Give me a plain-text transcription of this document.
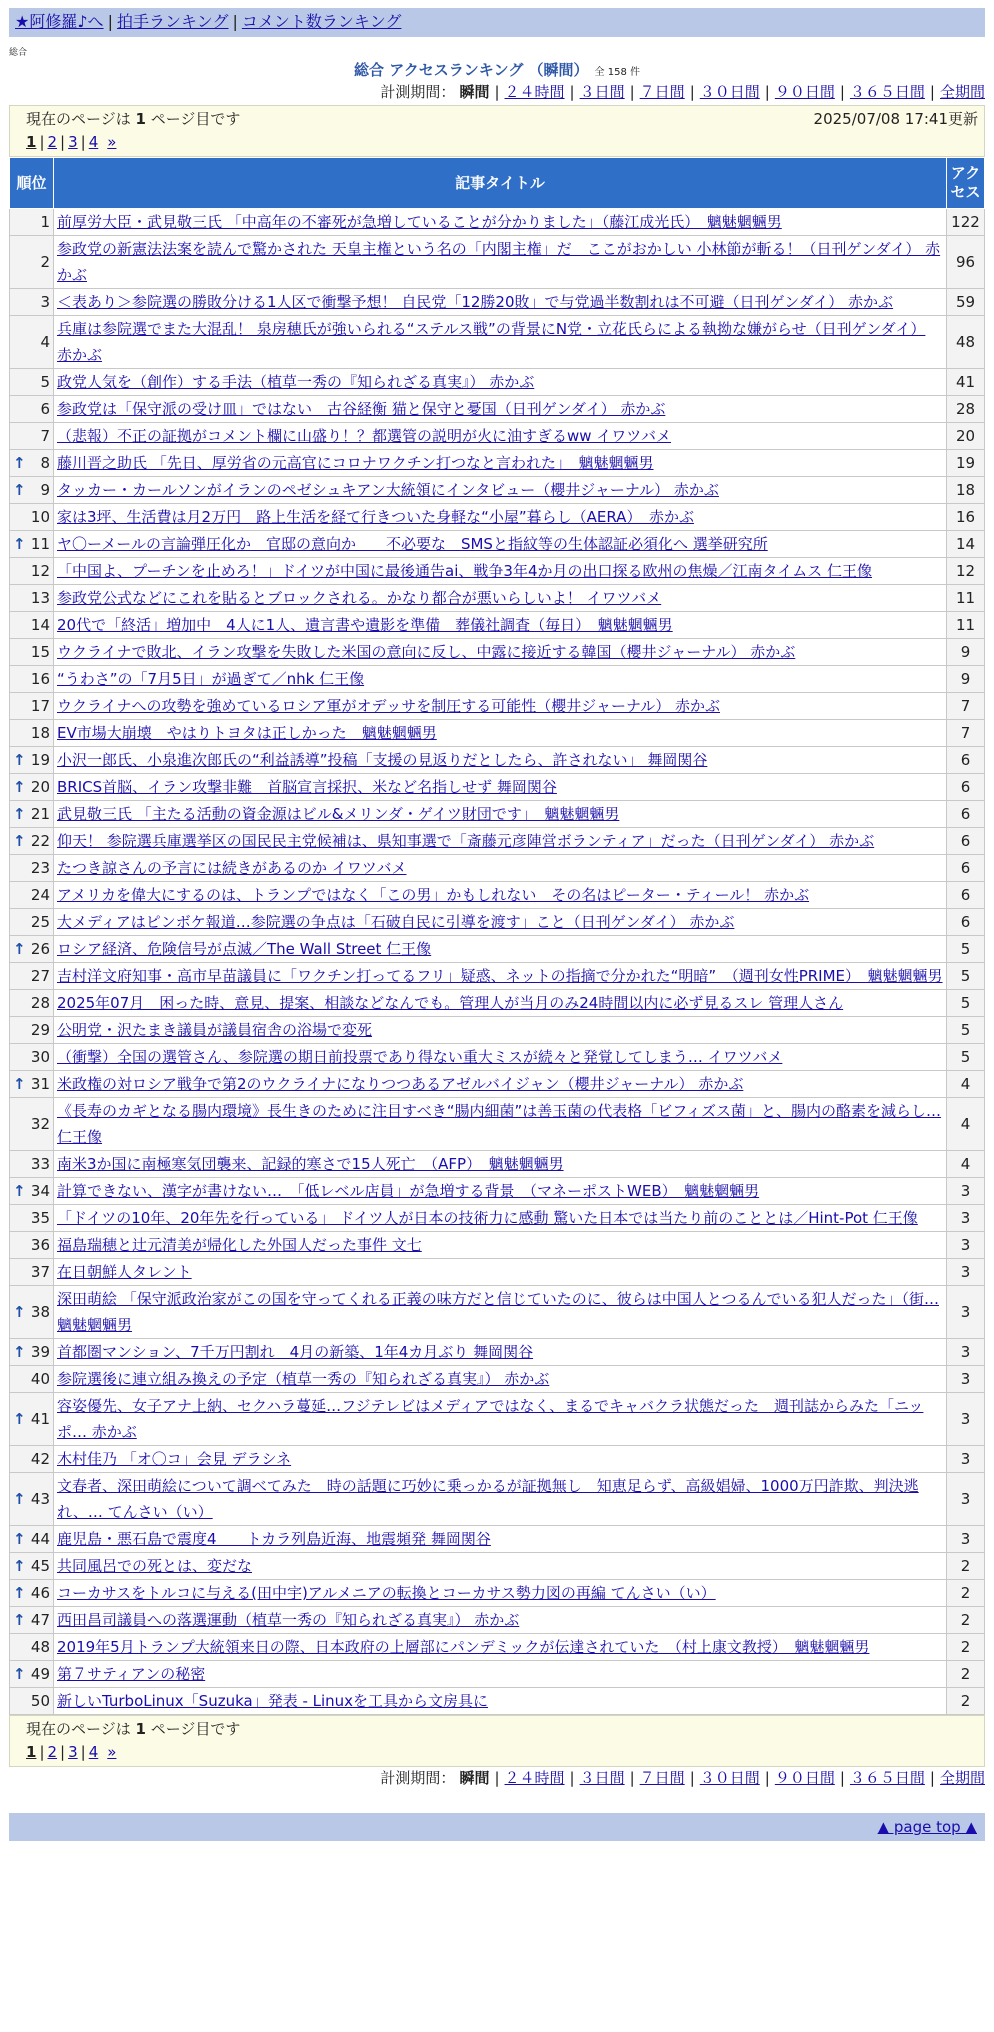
★阿修羅♪へ | 拍手ランキング | コメント数ランキング
総合
総合 アクセスランキング （瞬間） 全 158 件
計測期間： 瞬間 | ２４時間 | ３日間 | ７日間 | ３０日間 | ９０日間 | ３６５日間 | 全期間
現在のページは 1 ページ目です	2025/07/08 17:41更新
1 | 2 | 3 | 4 »
順位	記事タイトル	アクセス
1	前厚労大臣・武見敬三氏 「中高年の不審死が急増していることが分かりました」（藤江成光氏）　魑魅魍魎男	122
2	参政党の新憲法法案を読んで驚かされた 天皇主権という名の「内閣主権」だ　ここがおかしい 小林節が斬る！（日刊ゲンダイ） 赤かぶ	96
3	＜表あり＞参院選の勝敗分ける1人区で衝撃予想！ 自民党「12勝20敗」で与党過半数割れは不可避（日刊ゲンダイ） 赤かぶ	59
4	兵庫は参院選でまた大混乱！ 泉房穂氏が強いられる“ステルス戦”の背景にN党・立花氏らによる執拗な嫌がらせ（日刊ゲンダイ） 赤かぶ	48
5	政党人気を（創作）する手法（植草一秀の『知られざる真実』） 赤かぶ	41
6	参政党は「保守派の受け皿」ではない　古谷経衡 猫と保守と憂国（日刊ゲンダイ） 赤かぶ	28
7	（悲報）不正の証拠がコメント欄に山盛り！？都選管の説明が火に油すぎるww イワツバメ	20

↑ 8	藤川晋之助氏 「先日、厚労省の元高官にコロナワクチン打つなと言われた」　魑魅魍魎男	19

↑ 9	タッカー・カールソンがイランのペゼシュキアン大統領にインタビュー（櫻井ジャーナル） 赤かぶ	18
10	家は3坪、生活費は月2万円　路上生活を経て行きついた身軽な“小屋”暮らし（AERA）　赤かぶ	16

↑ 11	ヤ〇ーメールの言論弾圧化か　官邸の意向か　　不必要な　SMSと指紋等の生体認証必須化へ 選挙研究所	14
12	「中国よ、プーチンを止めろ！」ドイツが中国に最後通告ai、戦争3年4か月の出口探る欧州の焦燥／江南タイムス 仁王像	12
13	参政党公式などにこれを貼るとブロックされる。かなり都合が悪いらしいよ！ イワツバメ	11
14	20代で「終活」増加中　4人に1人、遺言書や遺影を準備　葬儀社調査（毎日）　魑魅魍魎男	11
15	ウクライナで敗北、イラン攻撃を失敗した米国の意向に反し、中露に接近する韓国（櫻井ジャーナル） 赤かぶ	9
16	“うわさ”の「7月5日」が過ぎて／nhk 仁王像	9
17	ウクライナへの攻勢を強めているロシア軍がオデッサを制圧する可能性（櫻井ジャーナル） 赤かぶ	7
18	EV市場大崩壊　やはりトヨタは正しかった　魑魅魍魎男	7

↑ 19	小沢一郎氏、小泉進次郎氏の“利益誘導”投稿「支援の見返りだとしたら、許されない」 舞岡関谷	6

↑ 20	BRICS首脳、イラン攻撃非難　首脳宣言採択、米など名指しせず 舞岡関谷	6

↑ 21	武見敬三氏 「主たる活動の資金源はビル&メリンダ・ゲイツ財団です」　魑魅魍魎男	6

↑ 22	仰天！ 参院選兵庫選挙区の国民民主党候補は、県知事選で「斎藤元彦陣営ボランティア」だった（日刊ゲンダイ） 赤かぶ	6
23	たつき諒さんの予言には続きがあるのか イワツバメ	6
24	アメリカを偉大にするのは、トランプではなく「この男」かもしれない　その名はピーター・ティール！ 赤かぶ	6
25	大メディアはピンボケ報道…参院選の争点は「石破自民に引導を渡す」こと（日刊ゲンダイ） 赤かぶ	6

↑ 26	ロシア経済、危険信号が点滅／The Wall Street 仁王像	5
27	吉村洋文府知事・高市早苗議員に「ワクチン打ってるフリ」疑惑、ネットの指摘で分かれた“明暗”　（週刊女性PRIME）　魑魅魍魎男	5
28	2025年07月　困った時、意見、提案、相談などなんでも。管理人が当月のみ24時間以内に必ず見るスレ 管理人さん	5
29	公明党・沢たまき議員が議員宿舎の浴場で変死	5
30	（衝撃）全国の選管さん、参院選の期日前投票であり得ない重大ミスが続々と発覚してしまう… イワツバメ	5

↑ 31	米政権の対ロシア戦争で第2のウクライナになりつつあるアゼルバイジャン（櫻井ジャーナル） 赤かぶ	4
32	《長寿のカギとなる腸内環境》長生きのために注目すべき“腸内細菌”は善玉菌の代表格「ビフィズス菌」と、腸内の酪素を減らし… 仁王像	4
33	南米3か国に南極寒気団襲来、記録的寒さで15人死亡　（AFP）　魑魅魍魎男	4

↑ 34	計算できない、漢字が書けない…　「低レベル店員」が急増する背景　（マネーポストWEB）　魑魅魍魎男	3
35	「ドイツの10年、20年先を行っている」 ドイツ人が日本の技術力に感動 驚いた日本では当たり前のこととは／Hint-Pot 仁王像	3
36	福島瑞穂と辻元清美が帰化した外国人だった事件 文七	3
37	在日朝鮮人タレント	3

↑ 38	深田萌絵 「保守派政治家がこの国を守ってくれる正義の味方だと信じていたのに、彼らは中国人とつるんでいる犯人だった」（街… 魑魅魍魎男	3

↑ 39	首都圏マンション、7千万円割れ　4月の新築、1年4カ月ぶり 舞岡関谷	3
40	参院選後に連立組み換えの予定（植草一秀の『知られざる真実』） 赤かぶ	3

↑ 41	容姿優先、女子アナ上納、セクハラ蔓延…フジテレビはメディアではなく、まるでキャバクラ状態だった　週刊誌からみた「ニッポ… 赤かぶ	3
42	木村佳乃 「オ〇コ」会見 デラシネ	3

↑ 43	文春者、深田萌絵について調べてみた　時の話題に巧妙に乗っかるが証拠無し　知恵足らず、高級娼婦、1000万円詐欺、判決逃れ、… てんさい（い）	3

↑ 44	鹿児島・悪石島で震度4　　トカラ列島近海、地震頻発 舞岡関谷	3

↑ 45	共同風呂での死とは、変だな	2

↑ 46	コーカサスをトルコに与える(田中宇)アルメニアの転換とコーカサス勢力図の再編 てんさい（い）	2

↑ 47	西田昌司議員への落選運動（植草一秀の『知られざる真実』） 赤かぶ	2
48	2019年5月トランプ大統領来日の際、日本政府の上層部にパンデミックが伝達されていた　（村上康文教授）　魑魅魍魎男	2

↑ 49	第７サティアンの秘密	2
50	新しいTurboLinux「Suzuka」発表 - Linuxを工具から文房具に	2
現在のページは 1 ページ目です
1 | 2 | 3 | 4 »
計測期間： 瞬間 | ２４時間 | ３日間 | ７日間 | ３０日間 | ９０日間 | ３６５日間 | 全期間
▲ page top ▲
